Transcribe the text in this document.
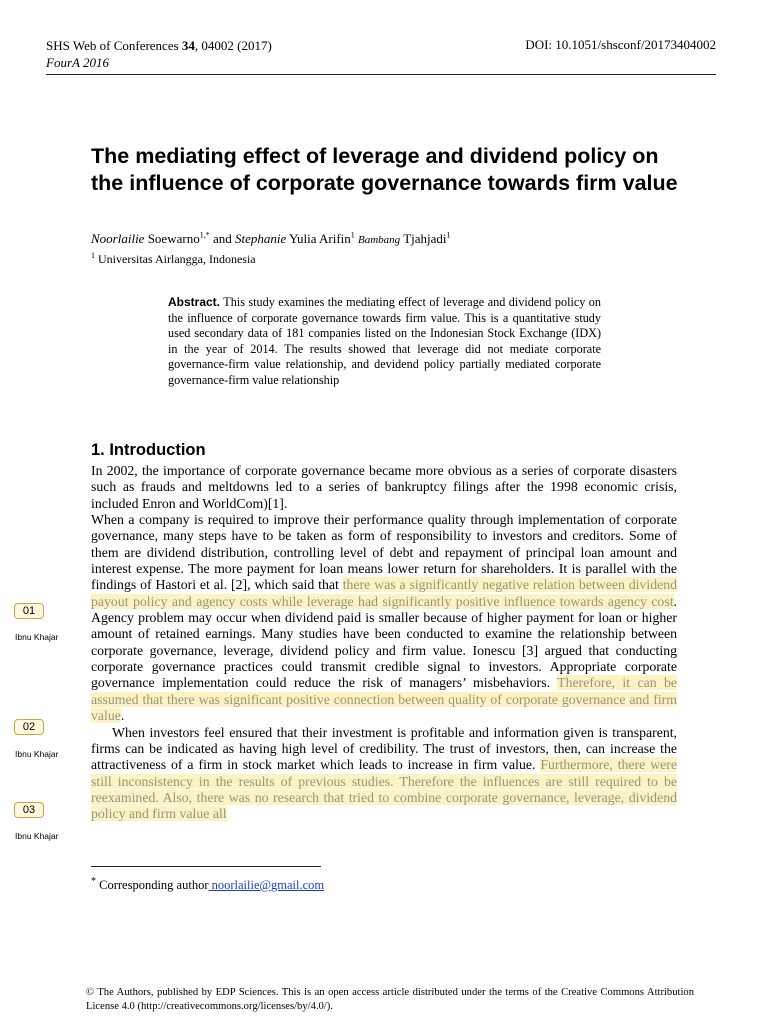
SHS Web of Conferences 34, 04002 (2017)
FourA 2016
DOI: 10.1051/shsconf/20173404002
The mediating effect of leverage and dividend policy on the influence of corporate governance towards firm value
Noorlailie Soewarno$^{1,*}$ and Stephanie Yulia Arifin$^1$ Bambang Tjahjadi$^1$
$^1$ Universitas Airlangga, Indonesia
Abstract. This study examines the mediating effect of leverage and dividend policy on the influence of corporate governance towards firm value. This is a quantitative study used secondary data of 181 companies listed on the Indonesian Stock Exchange (IDX) in the year of 2014. The results showed that leverage did not mediate corporate governance-firm value relationship, and devidend policy partially mediated corporate governance-firm value relationship
1. Introduction

In 2002, the importance of corporate governance became more obvious as a series of corporate disasters such as frauds and meltdowns led to a series of bankruptcy filings after the 1998 economic crisis, included Enron and WorldCom)[1].

When a company is required to improve their performance quality through implementation of corporate governance, many steps have to be taken as form of responsibility to investors and creditors. Some of them are dividend distribution, controlling level of debt and repayment of principal loan amount and interest expense. The more payment for loan means lower return for shareholders. It is parallel with the findings of Hastori et al. [2], which said that there was a significantly negative relation between dividend payout policy and agency costs while leverage had significantly positive influence towards agency cost. Agency problem may occur when dividend paid is smaller because of higher payment for loan or higher amount of retained earnings. Many studies have been conducted to examine the relationship between corporate governance, leverage, dividend policy and firm value. Ionescu [3] argued that conducting corporate governance practices could transmit credible signal to investors. Appropriate corporate governance implementation could reduce the risk of managers’ misbehaviors. Therefore, it can be assumed that there was significant positive connection between quality of corporate governance and firm value.

When investors feel ensured that their investment is profitable and information given is transparent, firms can be indicated as having high level of credibility. The trust of investors, then, can increase the attractiveness of a firm in stock market which leads to increase in firm value. Furthermore, there were still inconsistency in the results of previous studies. Therefore the influences are still required to be reexamined. Also, there was no research that tried to combine corporate governance, leverage, dividend policy and firm value all

01
Ibnu Khajar
02
Ibnu Khajar
03
Ibnu Khajar
* Corresponding author noorlailie@gmail.com
© The Authors, published by EDP Sciences. This is an open access article distributed under the terms of the Creative Commons Attribution License 4.0 (http://creativecommons.org/licenses/by/4.0/).
